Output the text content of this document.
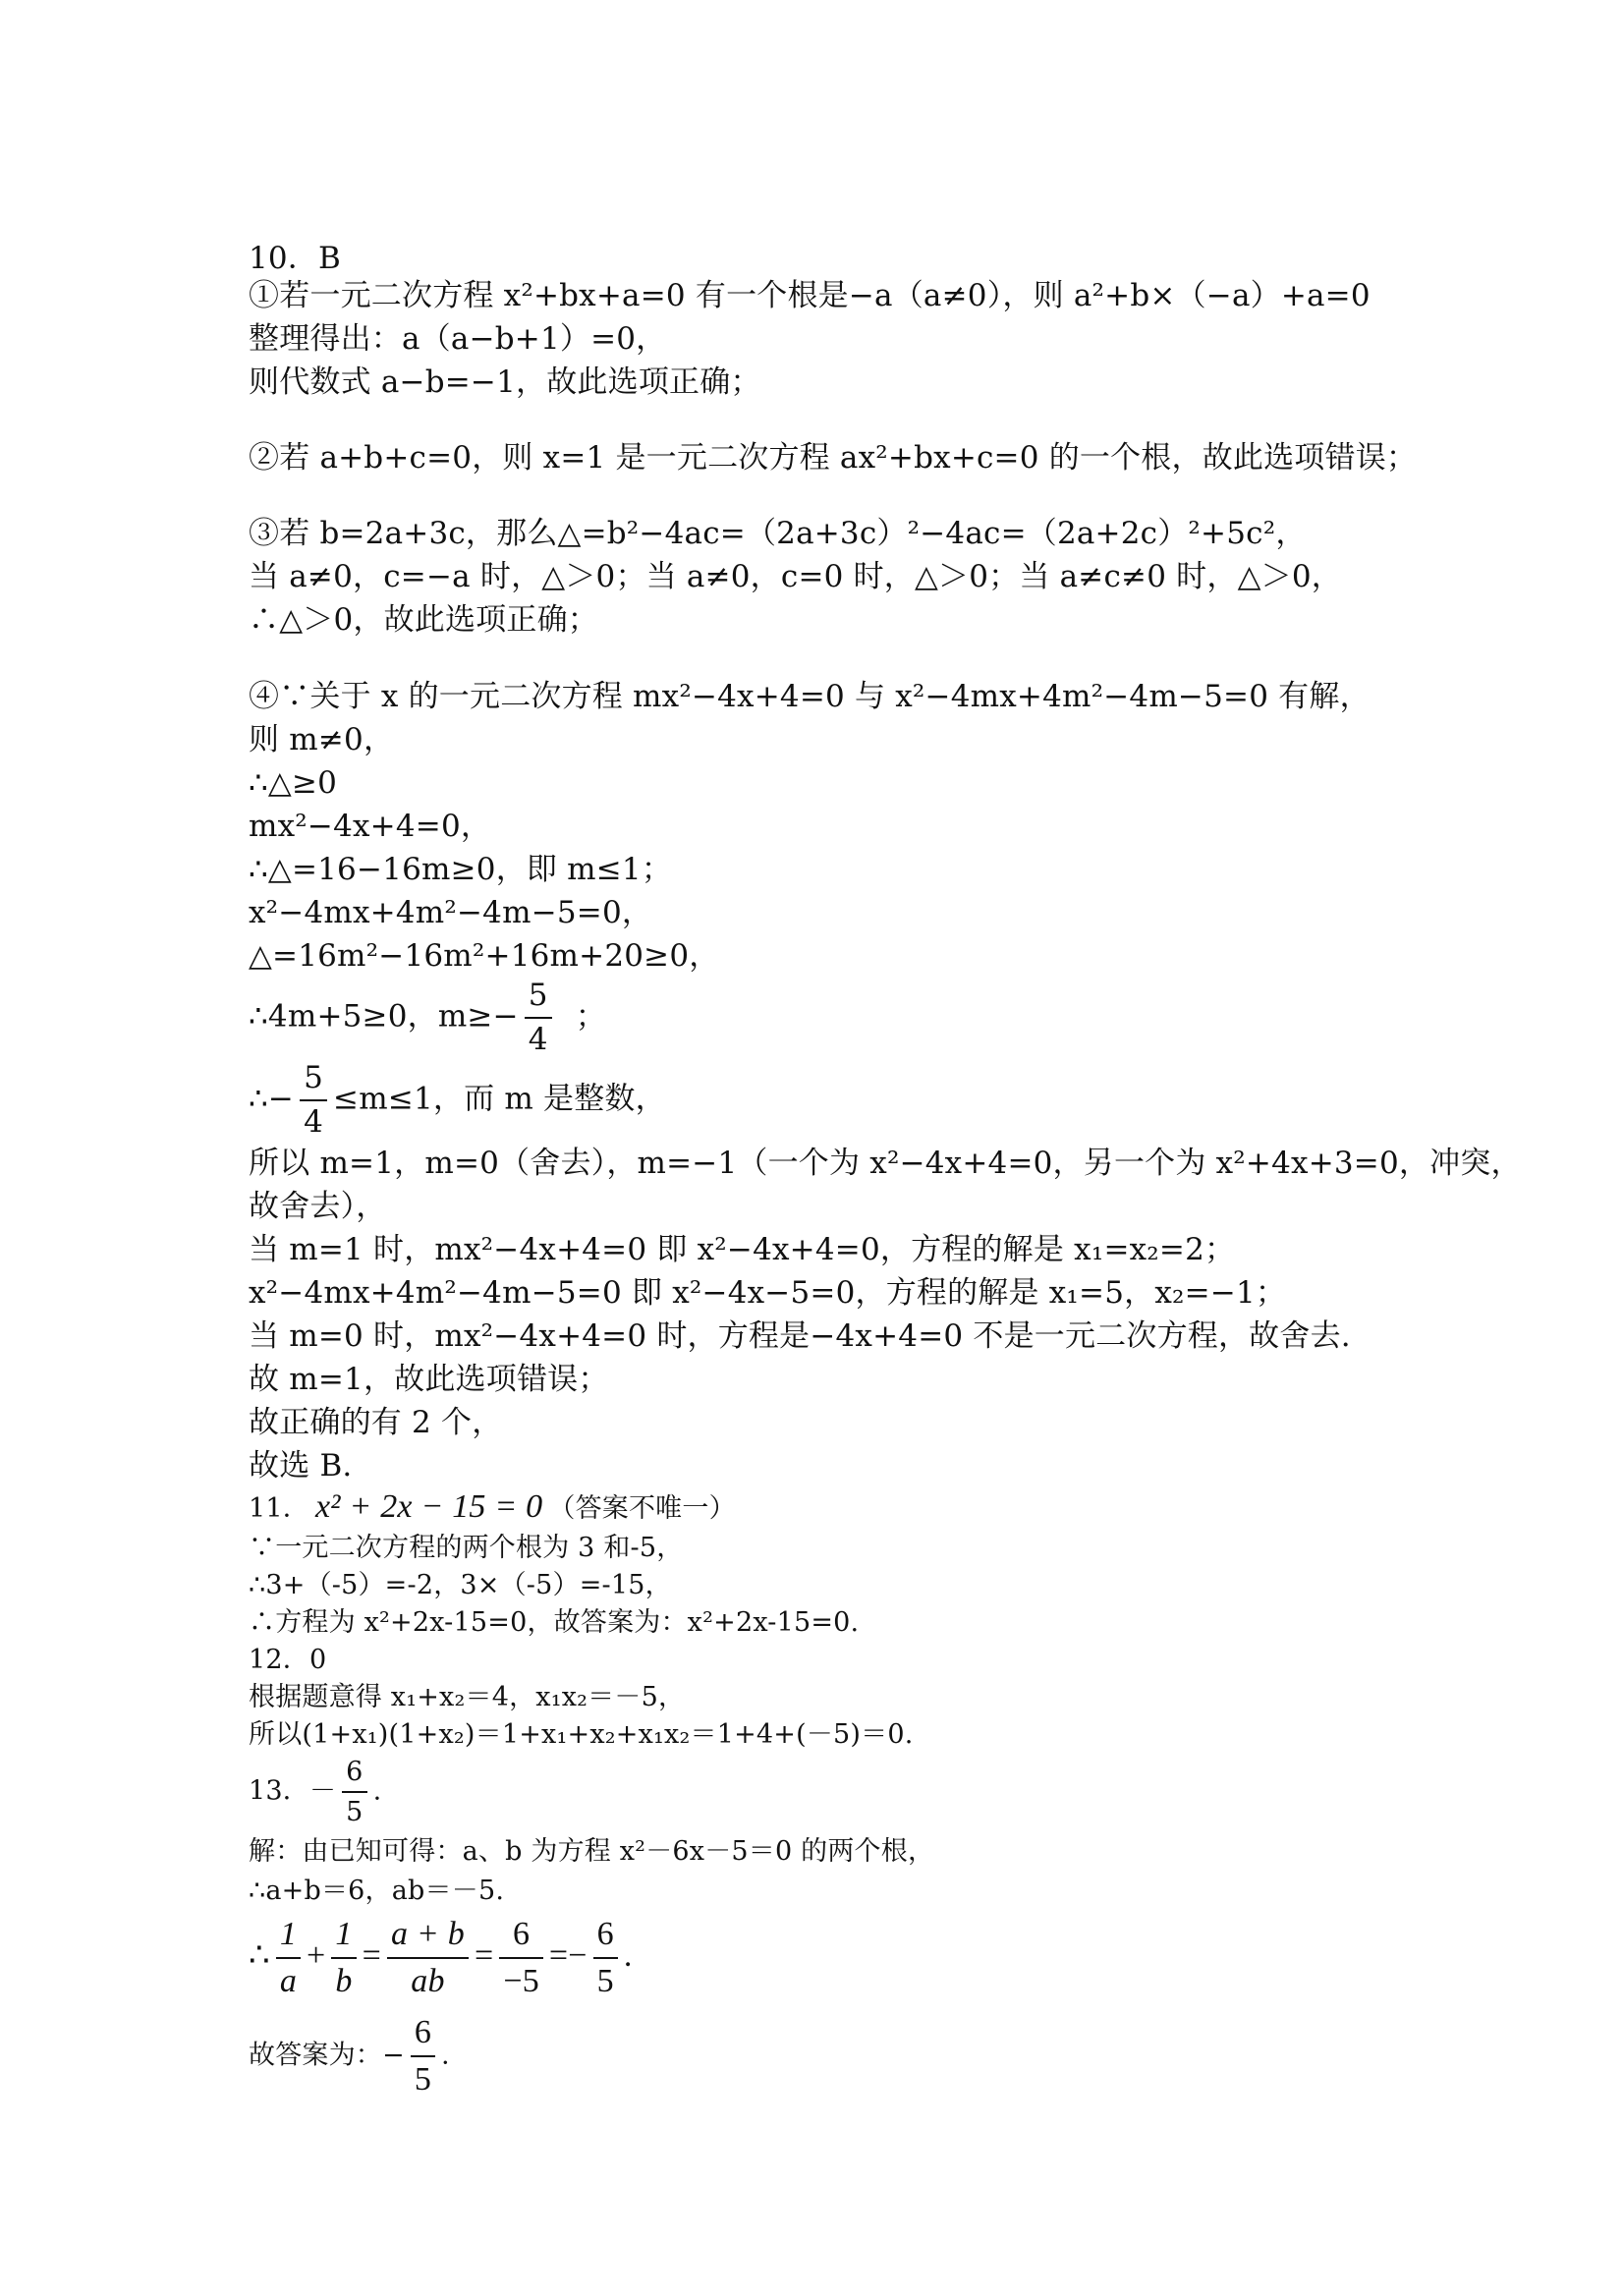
10．B
①若一元二次方程 x²+bx+a=0 有一个根是−a（a≠0），则 a²+b×（−a）+a=0
整理得出：a（a−b+1）=0，
则代数式 a−b=−1，故此选项正确；
②若 a+b+c=0，则 x=1 是一元二次方程 ax²+bx+c=0 的一个根，故此选项错误；
③若 b=2a+3c，那么△=b²−4ac=（2a+3c）²−4ac=（2a+2c）²+5c²，
当 a≠0，c=−a 时，△＞0；当 a≠0，c=0 时，△＞0；当 a≠c≠0 时，△＞0，
∴△＞0，故此选项正确；
④∵关于 x 的一元二次方程 mx²−4x+4=0 与 x²−4mx+4m²−4m−5=0 有解，
则 m≠0，
∴△≥0
mx²−4x+4=0，
∴△=16−16m≥0，即 m≤1；
x²−4mx+4m²−4m−5=0，
△=16m²−16m²+16m+20≥0，
∴4m+5≥0，$m\ge- \frac{5}{4}$ ；
∴− $\frac{5}{4} \le m\le 1$，而 m 是整数，
所以 m=1，m=0（舍去），m=−1（一个为 x²−4x+4=0，另一个为 x²+4x+3=0，冲突，
故舍去），
当 m=1 时，mx²−4x+4=0 即 x²−4x+4=0，方程的解是 x₁=x₂=2；
x²−4mx+4m²−4m−5=0 即 x²−4x−5=0，方程的解是 x₁=5，x₂=−1；
当 m=0 时，mx²−4x+4=0 时，方程是−4x+4=0 不是一元二次方程，故舍去.
故 m=1，故此选项错误；
故正确的有 2 个，
故选 B.
11． x² + 2x − 15 = 0 （答案不唯一）
∵一元二次方程的两个根为 3 和-5，
∴3+（-5）=-2，3×（-5）=-15，
∴方程为 x²+2x-15=0，故答案为：x²+2x-15=0.
12．0
根据题意得 x₁+x₂＝4，x₁x₂＝－5，
所以(1+x₁)(1+x₂)＝1+x₁+x₂+x₁x₂＝1+4+(－5)＝0.
13．－ $\frac{6}{5}$ .
解：由已知可得：a、b 为方程 x²－6x－5＝0 的两个根，
∴a+b＝6，ab＝－5.
∴ $\frac{1}{a} + \frac{1}{b} = \frac{a + b}{ab} = \frac{6}{-5} =- \frac{6}{5}$ .
故答案为：− $\frac{6}{5}$ .
